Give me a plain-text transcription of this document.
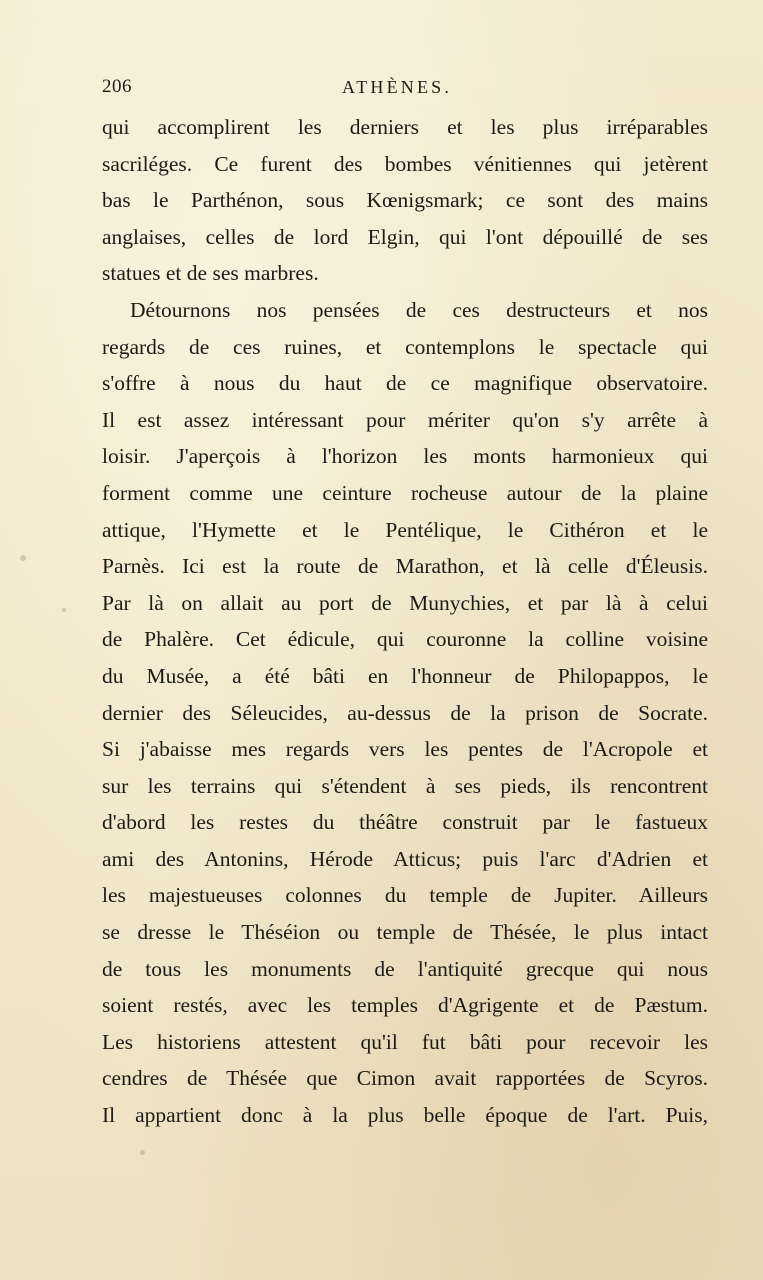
206	ATHÈNES.
qui accomplirent les derniers et les plus irréparables
sacriléges. Ce furent des bombes vénitiennes qui jetèrent
bas le Parthénon, sous Kœnigsmark; ce sont des mains
anglaises, celles de lord Elgin, qui l'ont dépouillé de ses
statues et de ses marbres.
Détournons nos pensées de ces destructeurs et nos
regards de ces ruines, et contemplons le spectacle qui
s'offre à nous du haut de ce magnifique observatoire.
Il est assez intéressant pour mériter qu'on s'y arrête à
loisir. J'aperçois à l'horizon les monts harmonieux qui
forment comme une ceinture rocheuse autour de la plaine
attique, l'Hymette et le Pentélique, le Cithéron et le
Parnès. Ici est la route de Marathon, et là celle d'Éleusis.
Par là on allait au port de Munychies, et par là à celui
de Phalère. Cet édicule, qui couronne la colline voisine
du Musée, a été bâti en l'honneur de Philopappos, le
dernier des Séleucides, au-dessus de la prison de Socrate.
Si j'abaisse mes regards vers les pentes de l'Acropole et
sur les terrains qui s'étendent à ses pieds, ils rencontrent
d'abord les restes du théâtre construit par le fastueux
ami des Antonins, Hérode Atticus; puis l'arc d'Adrien et
les majestueuses colonnes du temple de Jupiter. Ailleurs
se dresse le Théséion ou temple de Thésée, le plus intact
de tous les monuments de l'antiquité grecque qui nous
soient restés, avec les temples d'Agrigente et de Pæstum.
Les historiens attestent qu'il fut bâti pour recevoir les
cendres de Thésée que Cimon avait rapportées de Scyros.
Il appartient donc à la plus belle époque de l'art. Puis,
